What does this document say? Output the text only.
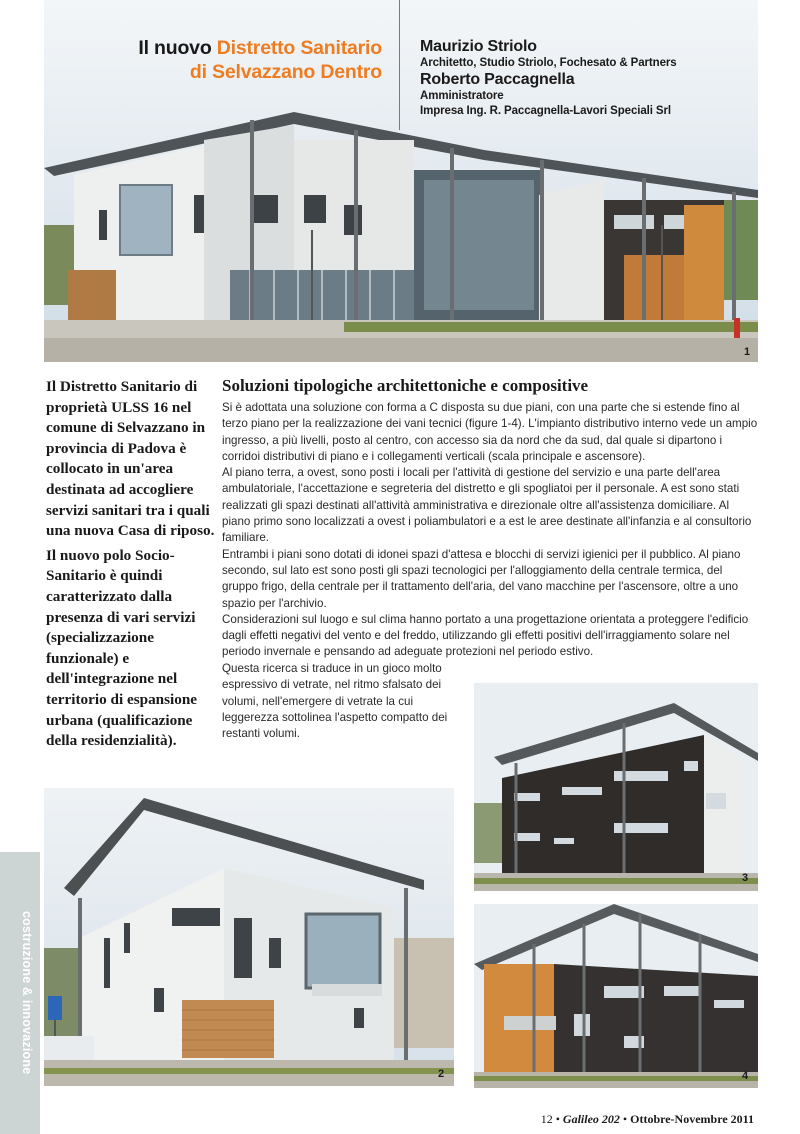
Il nuovo Distretto Sanitario
di Selvazzano Dentro
Maurizio Striolo
Architetto, Studio Striolo, Fochesato & Partners
Roberto Paccagnella
Amministratore
Impresa Ing. R. Paccagnella-Lavori Speciali Srl
1

Il Distretto Sanitario di proprietà ULSS 16 nel comune di Selvazzano in provincia di Padova è collocato in un'area destinata ad accogliere servizi sanitari tra i quali una nuova Casa di riposo.

Il nuovo polo Socio-Sanitario è quindi caratterizzato dalla presenza di vari servizi (specializzazione funzionale) e dell'integrazione nel territorio di espansione urbana (qualificazione della residenzialità).

Soluzioni tipologiche architettoniche e compositive

Si è adottata una soluzione con forma a C disposta su due piani, con una parte che si estende fino al terzo piano per la realizzazione dei vani tecnici (figure 1-4). L'impianto distributivo interno vede un ampio ingresso, a più livelli, posto al centro, con accesso sia da nord che da sud, dal quale si dipartono i corridoi distributivi di piano e i collegamenti verticali (scala principale e ascensore).

Al piano terra, a ovest, sono posti i locali per l'attività di gestione del servizio e una parte dell'area ambulatoriale, l'accettazione e segreteria del distretto e gli spogliatoi per il personale. A est sono stati realizzati gli spazi destinati all'attività amministrativa e direzionale oltre all'assistenza domiciliare. Al piano primo sono localizzati a ovest i poliambulatori e a est le aree destinate all'infanzia e al consultorio familiare.

Entrambi i piani sono dotati di idonei spazi d'attesa e blocchi di servizi igienici per il pubblico. Al piano secondo, sul lato est sono posti gli spazi tecnologici per l'alloggiamento della centrale termica, del gruppo frigo, della centrale per il trattamento dell'aria, del vano macchine per l'ascensore, oltre a uno spazio per l'archivio.

Considerazioni sul luogo e sul clima hanno portato a una progettazione orientata a proteggere l'edificio dagli effetti negativi del vento e del freddo, utilizzando gli effetti positivi dell'irraggiamento solare nel periodo invernale e pensando ad adeguate protezioni nel periodo estivo.

Questa ricerca si traduce in un gioco molto espressivo di vetrate, nel ritmo sfalsato dei volumi, nell'emergere di vetrate la cui leggerezza sottolinea l'aspetto compatto dei restanti volumi.

3
2	4
costruzione & innovazione
12 • Galileo 202 • Ottobre-Novembre 2011
